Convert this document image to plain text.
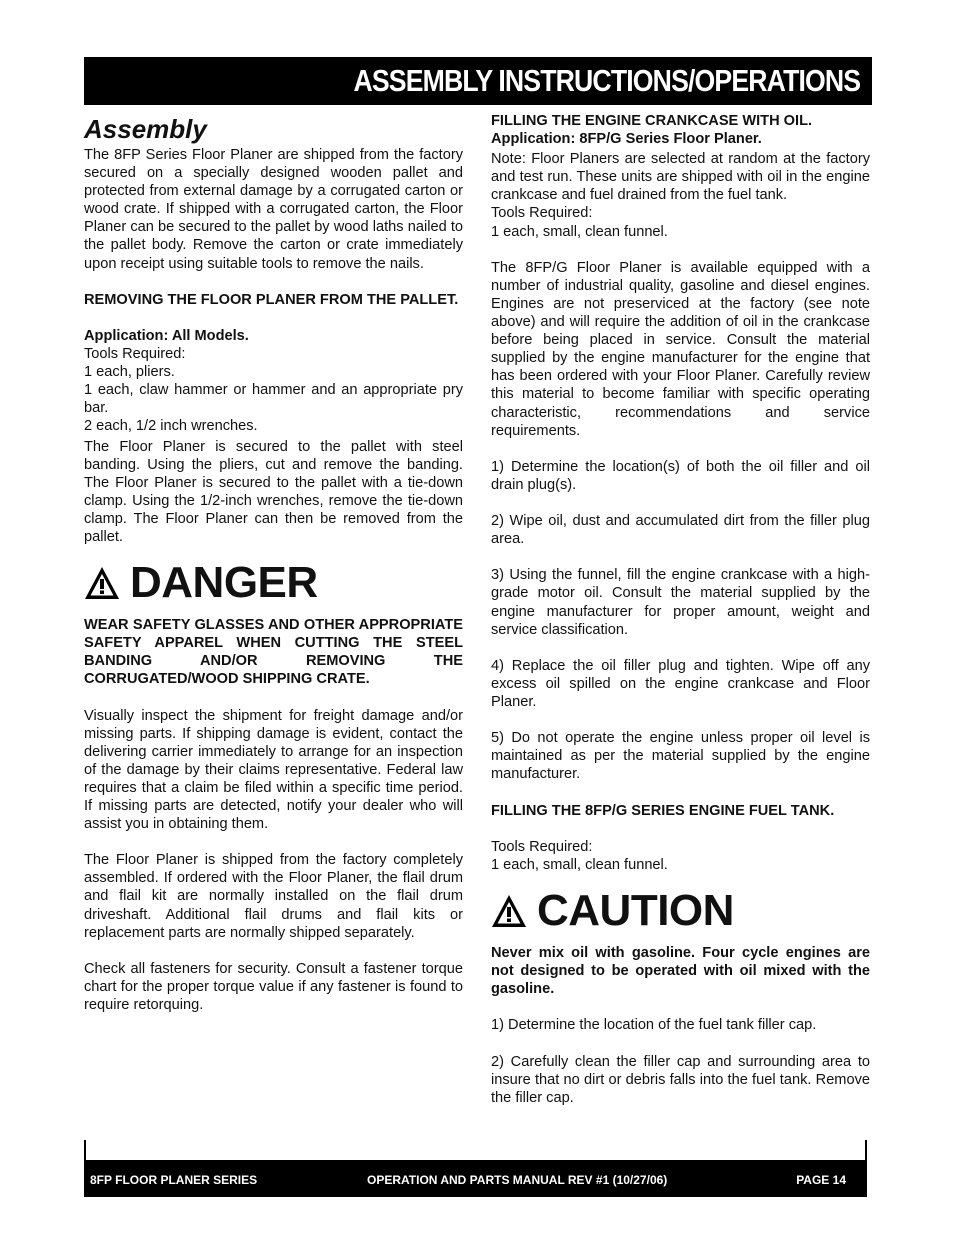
ASSEMBLY INSTRUCTIONS/OPERATIONS
Assembly

The 8FP Series Floor Planer are shipped from the factory secured on a specially designed wooden pallet and protected from external damage by a corrugated carton or wood crate. If shipped with a corrugated carton, the Floor Planer can be secured to the pallet by wood laths nailed to the pallet body. Remove the carton or crate immediately upon receipt using suitable tools to remove the nails.

REMOVING THE FLOOR PLANER FROM THE PALLET.

Application: All Models.

Tools Required:

1 each, pliers.

1 each, claw hammer or hammer and an appropriate pry bar.

2 each, 1/2 inch wrenches.

The Floor Planer is secured to the pallet with steel banding. Using the pliers, cut and remove the banding. The Floor Planer is secured to the pallet with a tie-down clamp. Using the 1/2-inch wrenches, remove the tie-down clamp. The Floor Planer can then be removed from the pallet.

DANGER

WEAR SAFETY GLASSES AND OTHER APPROPRIATE SAFETY APPAREL WHEN CUTTING THE STEEL BANDING AND/OR REMOVING THE CORRUGATED/WOOD SHIPPING CRATE.

Visually inspect the shipment for freight damage and/or missing parts. If shipping damage is evident, contact the delivering carrier immediately to arrange for an inspection of the damage by their claims representative. Federal law requires that a claim be filed within a specific time period. If missing parts are detected, notify your dealer who will assist you in obtaining them.

The Floor Planer is shipped from the factory completely assembled. If ordered with the Floor Planer, the flail drum and flail kit are normally installed on the flail drum driveshaft. Additional flail drums and flail kits or replacement parts are normally shipped separately.

Check all fasteners for security. Consult a fastener torque chart for the proper torque value if any fastener is found to require retorquing.

FILLING THE ENGINE CRANKCASE WITH OIL.

Application: 8FP/G Series Floor Planer.

Note: Floor Planers are selected at random at the factory and test run. These units are shipped with oil in the engine crankcase and fuel drained from the fuel tank.

Tools Required:

1 each, small, clean funnel.

The 8FP/G Floor Planer is available equipped with a number of industrial quality, gasoline and diesel engines. Engines are not preserviced at the factory (see note above) and will require the addition of oil in the crankcase before being placed in service. Consult the material supplied by the engine manufacturer for the engine that has been ordered with your Floor Planer. Carefully review this material to become familiar with specific operating characteristic, recommendations and service requirements.

1) Determine the location(s) of both the oil filler and oil drain plug(s).

2) Wipe oil, dust and accumulated dirt from the filler plug area.

3) Using the funnel, fill the engine crankcase with a high-grade motor oil. Consult the material supplied by the engine manufacturer for proper amount, weight and service classification.

4) Replace the oil filler plug and tighten. Wipe off any excess oil spilled on the engine crankcase and Floor Planer.

5) Do not operate the engine unless proper oil level is maintained as per the material supplied by the engine manufacturer.

FILLING THE 8FP/G SERIES ENGINE FUEL TANK.

Tools Required:

1 each, small, clean funnel.

CAUTION

Never mix oil with gasoline. Four cycle engines are not designed to be operated with oil mixed with the gasoline.

1) Determine the location of the fuel tank filler cap.

2) Carefully clean the filler cap and surrounding area to insure that no dirt or debris falls into the fuel tank. Remove the filler cap.

8FP FLOOR PLANER SERIES	OPERATION AND PARTS MANUAL REV #1 (10/27/06)	PAGE 14
